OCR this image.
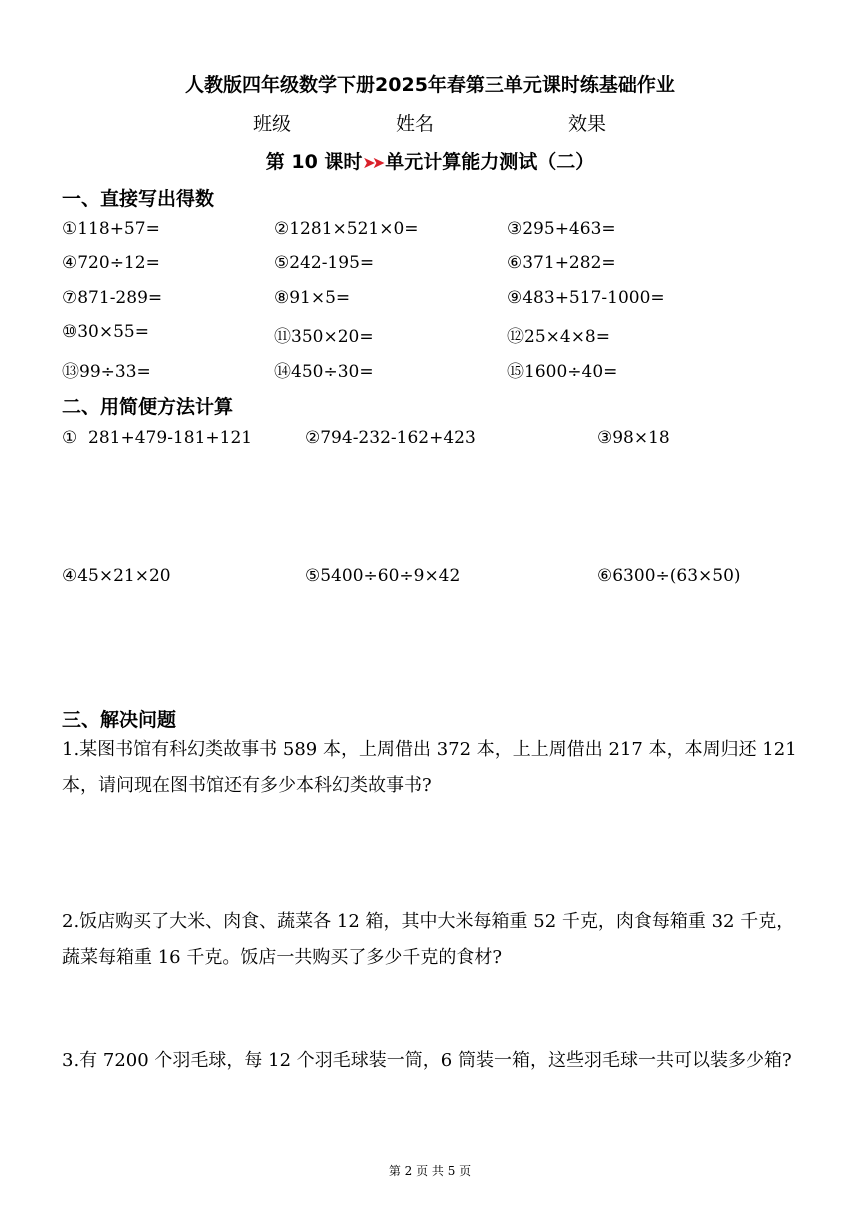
人教版四年级数学下册2025年春第三单元课时练基础作业
班级	姓名	效果
第 10 课时➤➤ 单元计算能力测试（二）
一、直接写出得数
①118+57=	②1281×521×0=	③295+463=
④720÷12=	⑤242-195=	⑥371+282=
⑦871-289=	⑧91×5=	⑨483+517-1000=
⑩30×55=	⑪350×20=	⑫25×4×8=
⑬99÷33=	⑭450÷30=	⑮1600÷40=
二、用简便方法计算
①  281+479-181+121	②794-232-162+423	③98×18
④45×21×20	⑤5400÷60÷9×42	⑥6300÷(63×50)
三、解决问题
1.某图书馆有科幻类故事书 589 本，上周借出 372 本，上上周借出 217 本，本周归还 121 本，请问现在图书馆还有多少本科幻类故事书?
2.饭店购买了大米、肉食、蔬菜各 12 箱，其中大米每箱重 52 千克，肉食每箱重 32 千克，蔬菜每箱重 16 千克。饭店一共购买了多少千克的食材?
3.有 7200 个羽毛球，每 12 个羽毛球装一筒，6 筒装一箱，这些羽毛球一共可以装多少箱?
第 2 页 共 5 页
